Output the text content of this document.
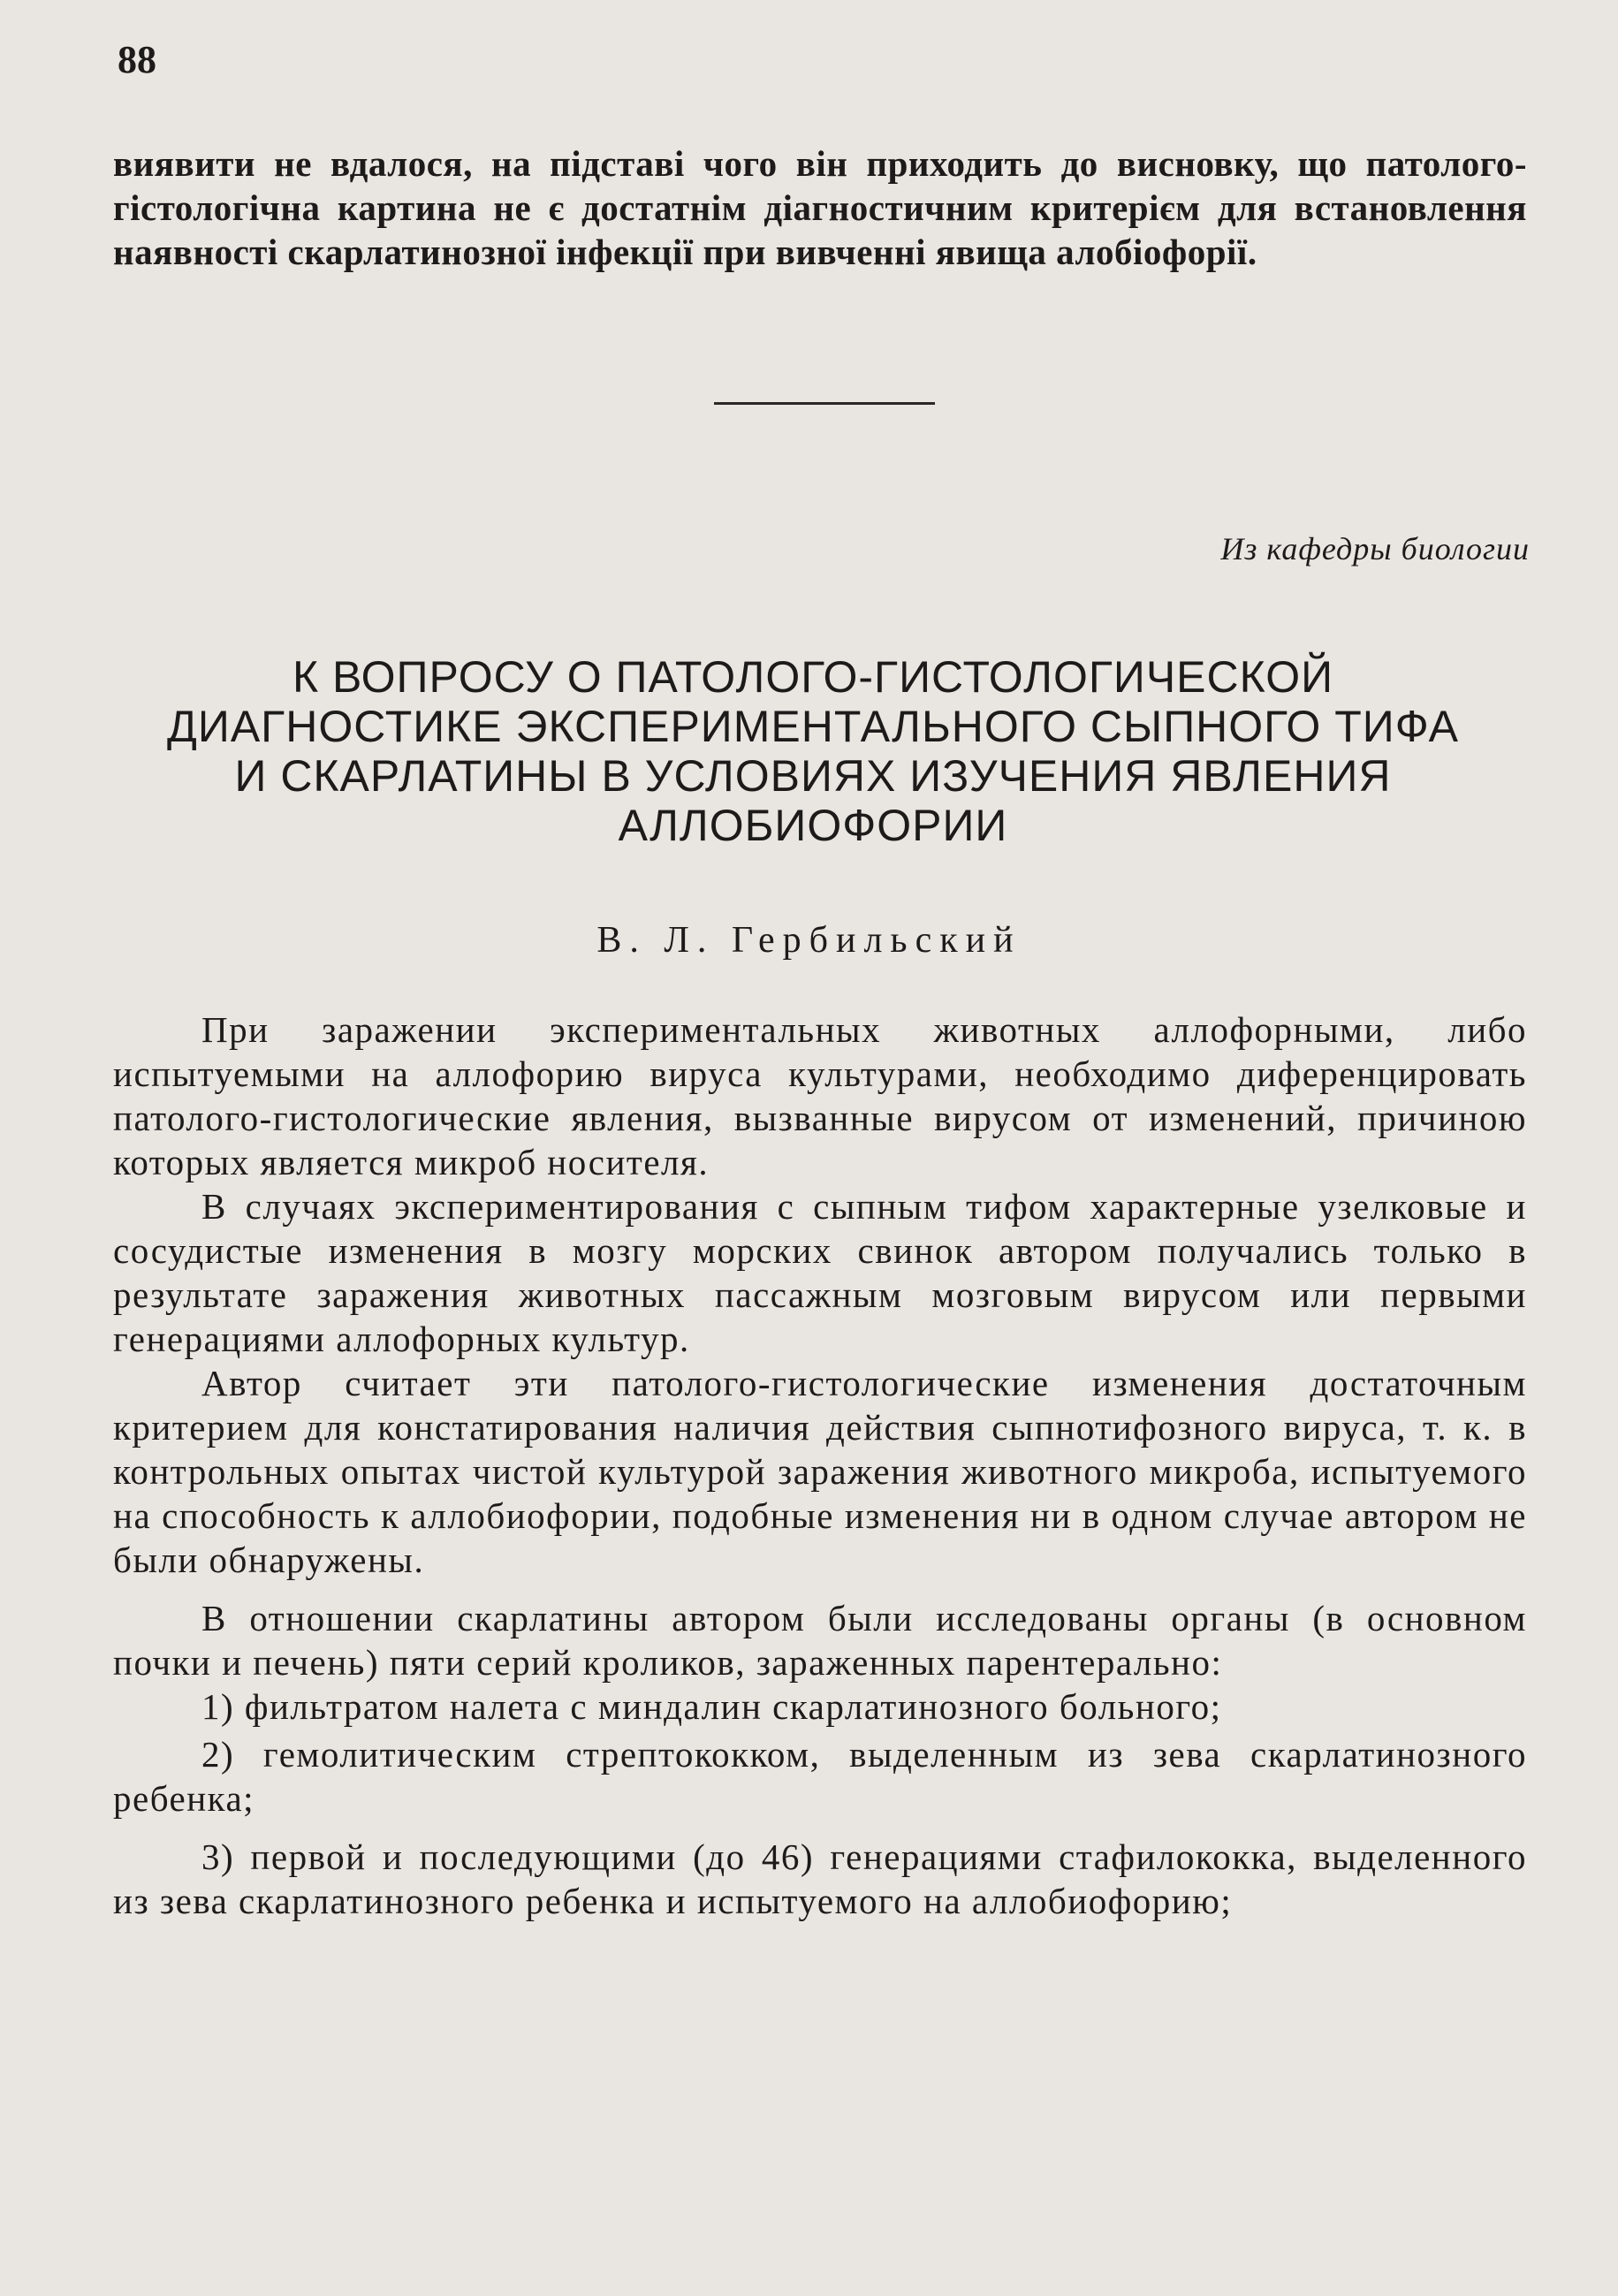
88
виявити не вдалося, на підставі чого він приходить до висновку, що патолого-гістологічна картина не є достатнім діагностичним критерієм для встановлення наявності скарлатинозної інфекції при вивченні явища алобіофорії.
Из кафедры биологии
К ВОПРОСУ О ПАТОЛОГО-ГИСТОЛОГИЧЕСКОЙ
ДИАГНОСТИКЕ ЭКСПЕРИМЕНТАЛЬНОГО СЫПНОГО ТИФА
И СКАРЛАТИНЫ В УСЛОВИЯХ ИЗУЧЕНИЯ ЯВЛЕНИЯ
АЛЛОБИОФОРИИ
В. Л. Гербильский

При заражении экспериментальных животных аллофорными, либо испытуемыми на аллофорию вируса культурами, необходимо диференцировать патолого-гистологические явления, вызванные вирусом от изменений, причиною которых является микроб носителя.

В случаях экспериментирования с сыпным тифом характерные узелковые и сосудистые изменения в мозгу морских свинок автором получались только в результате заражения животных пассажным мозговым вирусом или первыми генерациями аллофорных культур.

Автор считает эти патолого-гистологические изменения достаточным критерием для констатирования наличия действия сыпнотифозного вируса, т. к. в контрольных опытах чистой культурой заражения животного микроба, испытуемого на способность к аллобиофории, подобные изменения ни в одном случае автором не были обнаружены.

В отношении скарлатины автором были исследованы органы (в основном почки и печень) пяти серий кроликов, зараженных парентерально:

1) фильтратом налета с миндалин скарлатинозного больного;

2) гемолитическим стрептококком, выделенным из зева скарлатинозного ребенка;

3) первой и последующими (до 46) генерациями стафилококка, выделенного из зева скарлатинозного ребенка и испытуемого на аллобиофорию;
